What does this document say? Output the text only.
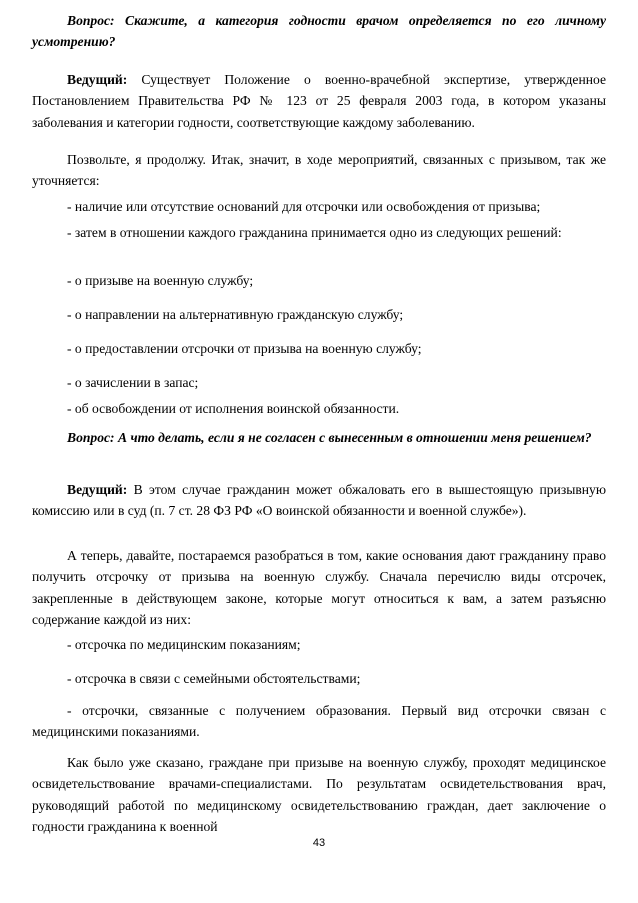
Вопрос: Скажите, а категория годности врачом определяется по его личному усмотрению?

Ведущий: Существует Положение о военно-врачебной экспертизе, утвержденное Постановлением Правительства РФ № 123 от 25 февраля 2003 года, в котором указаны заболевания и категории годности, соответствующие каждому заболеванию.

Позвольте, я продолжу. Итак, значит, в ходе мероприятий, связанных с призывом, так же уточняется:

- наличие или отсутствие оснований для отсрочки или освобождения от призыва;

- затем в отношении каждого гражданина принимается одно из следующих решений:

- о призыве на военную службу;

- о направлении на альтернативную гражданскую службу;

- о предоставлении отсрочки от призыва на военную службу;

- о зачислении в запас;

- об освобождении от исполнения воинской обязанности.

Вопрос: А что делать, если я не согласен с вынесенным в отношении меня решением?

Ведущий: В этом случае гражданин может обжаловать его в вышестоящую призывную комиссию или в суд (п. 7 ст. 28 ФЗ РФ «О воинской обязанности и военной службе»).

А теперь, давайте, постараемся разобраться в том, какие основания дают гражданину право получить отсрочку от призыва на военную службу. Сначала перечислю виды отсрочек, закрепленные в действующем законе, которые могут относиться к вам, а затем разъясню содержание каждой из них:

- отсрочка по медицинским показаниям;

- отсрочка в связи с семейными обстоятельствами;

- отсрочки, связанные с получением образования. Первый вид отсрочки связан с медицинскими показаниями.

Как было уже сказано, граждане при призыве на военную службу, проходят медицинское освидетельствование врачами-специалистами. По результатам освидетельствования врач, руководящий работой по медицинскому освидетельствованию граждан, дает заключение о годности гражданина к военной

43
